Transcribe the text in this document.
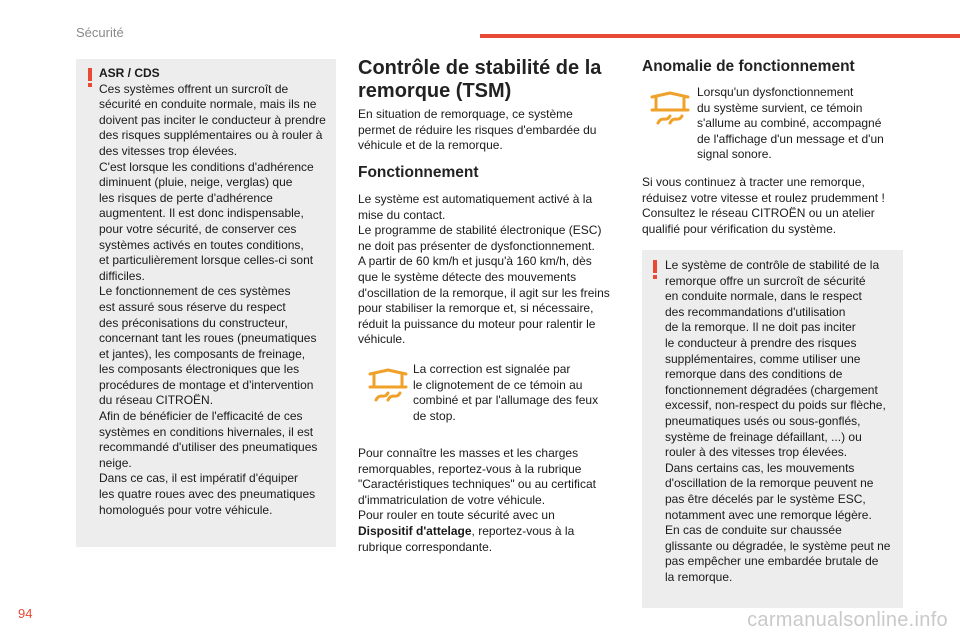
Sécurité

ASR / CDS

Ces systèmes offrent un surcroît de

sécurité en conduite normale, mais ils ne

doivent pas inciter le conducteur à prendre

des risques supplémentaires ou à rouler à

des vitesses trop élevées.

C'est lorsque les conditions d'adhérence

diminuent (pluie, neige, verglas) que

les risques de perte d'adhérence

augmentent. Il est donc indispensable,

pour votre sécurité, de conserver ces

systèmes activés en toutes conditions,

et particulièrement lorsque celles-ci sont

difficiles.

Le fonctionnement de ces systèmes

est assuré sous réserve du respect

des préconisations du constructeur,

concernant tant les roues (pneumatiques

et jantes), les composants de freinage,

les composants électroniques que les

procédures de montage et d'intervention

du réseau CITROËN.

Afin de bénéficier de l'efficacité de ces

systèmes en conditions hivernales, il est

recommandé d'utiliser des pneumatiques

neige.

Dans ce cas, il est impératif d'équiper

les quatre roues avec des pneumatiques

homologués pour votre véhicule.

Contrôle de stabilité de la
remorque (TSM)

En situation de remorquage, ce système

permet de réduire les risques d'embardée du

véhicule et de la remorque.

Fonctionnement

Le système est automatiquement activé à la

mise du contact.

Le programme de stabilité électronique (ESC)

ne doit pas présenter de dysfonctionnement.

A partir de 60 km/h et jusqu'à 160 km/h, dès

que le système détecte des mouvements

d'oscillation de la remorque, il agit sur les freins

pour stabiliser la remorque et, si nécessaire,

réduit la puissance du moteur pour ralentir le

véhicule.

La correction est signalée par

le clignotement de ce témoin au

combiné et par l'allumage des feux

de stop.

Pour connaître les masses et les charges

remorquables, reportez-vous à la rubrique

"Caractéristiques techniques" ou au certificat

d'immatriculation de votre véhicule.

Pour rouler en toute sécurité avec un

Dispositif d'attelage, reportez-vous à la

rubrique correspondante.

Anomalie de fonctionnement

Lorsqu'un dysfonctionnement

du système survient, ce témoin

s'allume au combiné, accompagné

de l'affichage d'un message et d'un

signal sonore.

Si vous continuez à tracter une remorque,

réduisez votre vitesse et roulez prudemment !

Consultez le réseau CITROËN ou un atelier

qualifié pour vérification du système.

Le système de contrôle de stabilité de la

remorque offre un surcroît de sécurité

en conduite normale, dans le respect

des recommandations d'utilisation

de la remorque. Il ne doit pas inciter

le conducteur à prendre des risques

supplémentaires, comme utiliser une

remorque dans des conditions de

fonctionnement dégradées (chargement

excessif, non-respect du poids sur flèche,

pneumatiques usés ou sous-gonflés,

système de freinage défaillant, ...) ou

rouler à des vitesses trop élevées.

Dans certains cas, les mouvements

d'oscillation de la remorque peuvent ne

pas être décelés par le système ESC,

notamment avec une remorque légère.

En cas de conduite sur chaussée

glissante ou dégradée, le système peut ne

pas empêcher une embardée brutale de

la remorque.

94	carmanualsonline.info
